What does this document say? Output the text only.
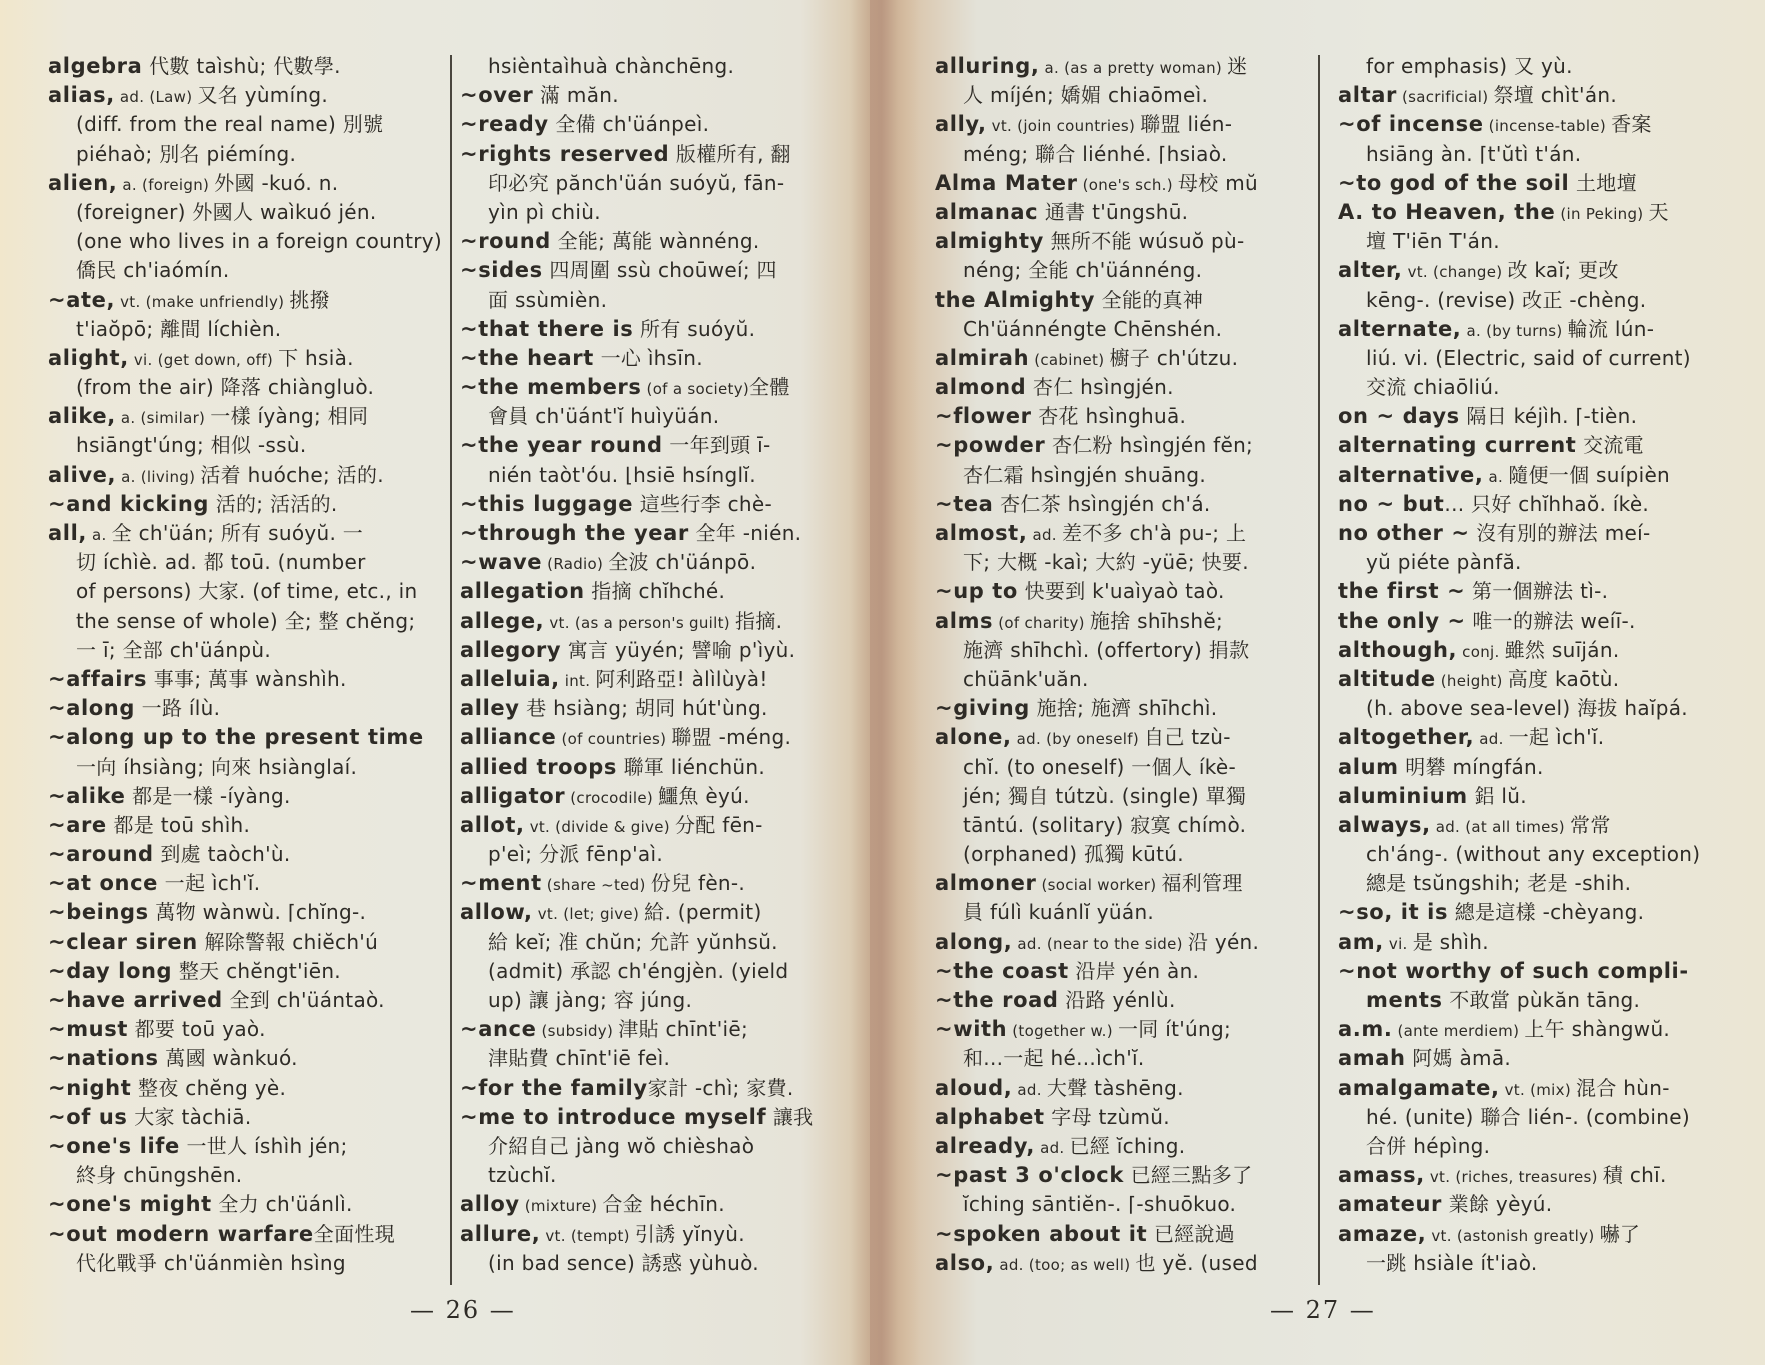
algebra 代數 taìshù; 代數學.
alias, ad. (Law) 又名 yùmíng.
(diff. from the real name) 別號
piéhaò; 別名 piémíng.
alien, a. (foreign) 外國 -kuó. n.
(foreigner) 外國人 waìkuó jén.
(one who lives in a foreign country)
僑民 ch'iaómín.
~ate, vt. (make unfriendly) 挑撥
t'iaŏpō; 離間 líchièn.
alight, vi. (get down, off) 下 hsià.
(from the air) 降落 chiàngluò.
alike, a. (similar) 一樣 íyàng; 相同
hsiāngt'úng; 相似 -ssù.
alive, a. (living) 活着 huóche; 活的.
~and kicking 活的; 活活的.
all, a. 全 ch'üán; 所有 suóyŭ. 一
切 íchìè. ad. 都 toū. (number
of persons) 大家. (of time, etc., in
the sense of whole) 全; 整 chĕng;
一 ī; 全部 ch'üánpù.
~affairs 事事; 萬事 wànshìh.
~along 一路 ílù.
~along up to the present time
一向 íhsiàng; 向來 hsiànglaí.
~alike 都是一樣 -íyàng.
~are 都是 toū shìh.
~around 到處 taòch'ù.
~at once 一起 ìch'ĭ.
~beings 萬物 wànwù. ⌈chĭng-.
~clear siren 解除警報 chiĕch'ú
~day long 整天 chĕngt'iēn.
~have arrived 全到 ch'üántaò.
~must 都要 toū yaò.
~nations 萬國 wànkuó.
~night 整夜 chĕng yè.
~of us 大家 tàchiā.
~one's life 一世人 íshìh jén;
終身 chūngshēn.
~one's might 全力 ch'üánlì.
~out modern warfare全面性現
代化戰爭 ch'üánmièn hsìng
hsièntaìhuà chànchēng.
~over 滿 măn.
~ready 全備 ch'üánpeì.
~rights reserved 版權所有, 翻
印必究 pănch'üán suóyŭ, fān-
yìn pì chiù.
~round 全能; 萬能 wànnéng.
~sides 四周圍 ssù choūweí; 四
面 ssùmièn.
~that there is 所有 suóyŭ.
~the heart 一心 ìhsīn.
~the members (of a society)全體
會員 ch'üánt'ĭ huìyüán.
~the year round 一年到頭 ī-
nién taòt'óu. ⌊hsiē hsínglĭ.
~this luggage 這些行李 chè-
~through the year 全年 -nién.
~wave (Radio) 全波 ch'üánpō.
allegation 指摘 chĭhché.
allege, vt. (as a person's guilt) 指摘.
allegory 寓言 yüyén; 譬喻 p'ìyù.
alleluia, int. 阿利路亞! àlìlùyà!
alley 巷 hsiàng; 胡同 hút'ùng.
alliance (of countries) 聯盟 -méng.
allied troops 聯軍 liénchün.
alligator (crocodile) 鱷魚 èyú.
allot, vt. (divide & give) 分配 fēn-
p'eì; 分派 fēnp'aì.
~ment (share ~ted) 份兒 fèn-.
allow, vt. (let; give) 給. (permit)
給 keĭ; 准 chŭn; 允許 yŭnhsŭ.
(admit) 承認 ch'éngjèn. (yield
up) 讓 jàng; 容 júng.
~ance (subsidy) 津貼 chīnt'iē;
津貼費 chīnt'iē feì.
~for the family家計 -chì; 家費.
~me to introduce myself 讓我
介紹自己 jàng wŏ chièshaò
tzùchĭ.
alloy (mixture) 合金 héchīn.
allure, vt. (tempt) 引誘 yĭnyù.
(in bad sence) 誘惑 yùhuò.
alluring, a. (as a pretty woman) 迷
人 míjén; 嬌媚 chiaōmeì.
ally, vt. (join countries) 聯盟 lién-
méng; 聯合 liénhé. ⌈hsiaò.
Alma Mater (one's sch.) 母校 mŭ
almanac 通書 t'ūngshū.
almighty 無所不能 wúsuŏ pù-
néng; 全能 ch'üánnéng.
the Almighty 全能的真神
Ch'üánnéngte Chēnshén.
almirah (cabinet) 櫥子 ch'útzu.
almond 杏仁 hsìngjén.
~flower 杏花 hsìnghuā.
~powder 杏仁粉 hsìngjén fĕn;
杏仁霜 hsìngjén shuāng.
~tea 杏仁茶 hsìngjén ch'á.
almost, ad. 差不多 ch'à pu-; 上
下; 大概 -kaì; 大約 -yüē; 快要.
~up to 快要到 k'uaìyaò taò.
alms (of charity) 施捨 shīhshĕ;
施濟 shīhchì. (offertory) 捐款
chüānk'uăn.
~giving 施捨; 施濟 shīhchì.
alone, ad. (by oneself) 自己 tzù-
chĭ. (to oneself) 一個人 íkè-
jén; 獨自 tútzù. (single) 單獨
tāntú. (solitary) 寂寞 chímò.
(orphaned) 孤獨 kūtú.
almoner (social worker) 福利管理
員 fúlì kuánlĭ yüán.
along, ad. (near to the side) 沿 yén.
~the coast 沿岸 yén àn.
~the road 沿路 yénlù.
~with (together w.) 一同 ít'úng;
和...一起 hé...ìch'ĭ.
aloud, ad. 大聲 tàshēng.
alphabet 字母 tzùmŭ.
already, ad. 已經 ĭching.
~past 3 o'clock 已經三點多了
ĭching sāntiĕn-. ⌈-shuōkuo.
~spoken about it 已經說過
also, ad. (too; as well) 也 yĕ. (used
for emphasis) 又 yù.
altar (sacrificial) 祭壇 chìt'án.
~of incense (incense-table) 香案
hsiāng àn. ⌈t'ŭtì t'án.
~to god of the soil 土地壇
A. to Heaven, the (in Peking) 天
壇 T'iēn T'án.
alter, vt. (change) 改 kaĭ; 更改
kēng-. (revise) 改正 -chèng.
alternate, a. (by turns) 輪流 lún-
liú. vi. (Electric, said of current)
交流 chiaōliú.
on ~ days 隔日 kéjìh. ⌈-tièn.
alternating current 交流電
alternative, a. 隨便一個 suípièn
no ~ but... 只好 chĭhhaŏ. íkè.
no other ~ 沒有別的辦法 meí-
yŭ piéte pànfă.
the first ~ 第一個辦法 tì-.
the only ~ 唯一的辦法 weíī-.
although, conj. 雖然 suīján.
altitude (height) 高度 kaōtù.
(h. above sea-level) 海拔 haĭpá.
altogether, ad. 一起 ìch'ĭ.
alum 明礬 míngfán.
aluminium 鋁 lŭ.
always, ad. (at all times) 常常
ch'áng-. (without any exception)
總是 tsŭngshih; 老是 -shih.
~so, it is 總是這樣 -chèyang.
am, vi. 是 shìh.
~not worthy of such compli-
ments 不敢當 pùkăn tāng.
a.m. (ante merdiem) 上午 shàngwŭ.
amah 阿媽 àmā.
amalgamate, vt. (mix) 混合 hùn-
hé. (unite) 聯合 lién-. (combine)
合併 hépìng.
amass, vt. (riches, treasures) 積 chī.
amateur 業餘 yèyú.
amaze, vt. (astonish greatly) 嚇了
一跳 hsiàle ít'iaò.
— 26 —	— 27 —
